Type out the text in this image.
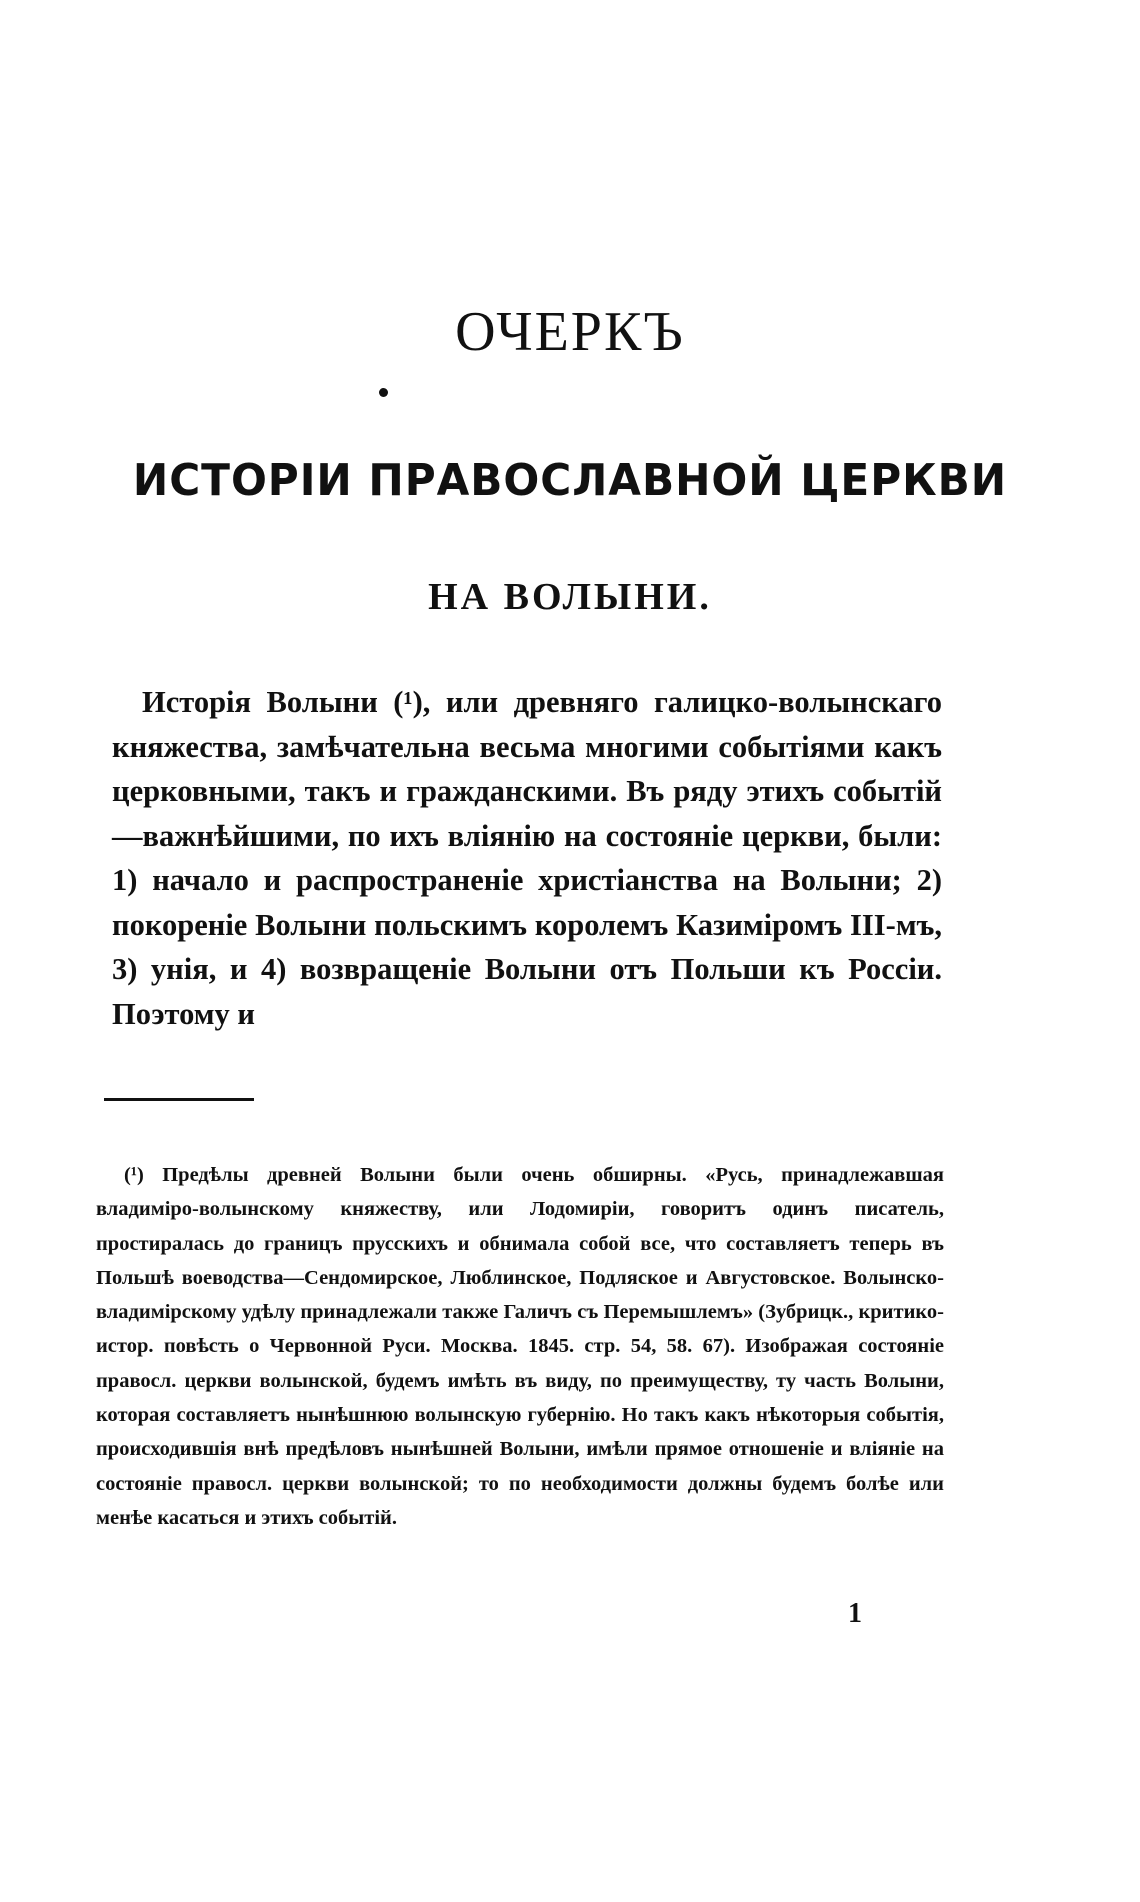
ОЧЕРКЪ
ИСТОРІИ ПРАВОСЛАВНОЙ ЦЕРКВИ
НА ВОЛЫНИ.

Исторія Волыни (¹), или древняго галицко-волынскаго княжества, замѣчательна весьма многими событіями какъ церковными, такъ и гражданскими. Въ ряду этихъ событій—важнѣйшими, по ихъ вліянію на состояніе церкви, были: 1) начало и распространеніе христіанства на Волыни; 2) покореніе Волыни польскимъ королемъ Казиміромъ III-мъ, 3) унія, и 4) возвращеніе Волыни отъ Польши къ Россіи. Поэтому и

(¹) Предѣлы древней Волыни были очень обширны. «Русь, принадлежавшая владиміро-волынскому княжеству, или Лодомиріи, говоритъ одинъ писатель, простиралась до границъ прусскихъ и обнимала собой все, что составляетъ теперь въ Польшѣ воеводства—Сендомирское, Люблинское, Подляское и Августовское. Волынско-владимірскому удѣлу принадлежали также Галичъ съ Перемышлемъ» (Зубрицк., критико-истор. повѣсть о Червонной Руси. Москва. 1845. стр. 54, 58. 67). Изображая состояніе правосл. церкви волынской, будемъ имѣть въ виду, по преимуществу, ту часть Волыни, которая составляетъ нынѣшнюю волынскую губернію. Но такъ какъ нѣкоторыя событія, происходившія внѣ предѣловъ нынѣшней Волыни, имѣли прямое отношеніе и вліяніе на состояніе правосл. церкви волынской; то по необходимости должны будемъ болѣе или менѣе касаться и этихъ событій.

1
